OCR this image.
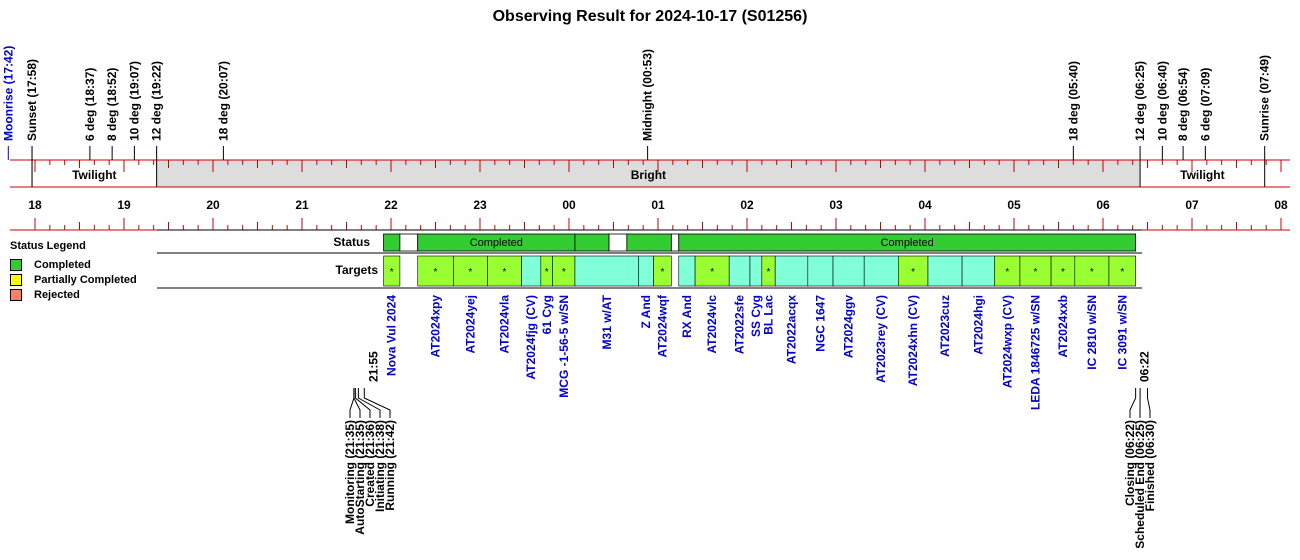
Observing Result for 2024-10-17 (S01256)
Twilight	Bright	Twilight
18	19	20	21	22	23	00	01	02	03	04	05	06	07	08
Moonrise (17:42) Sunset (17:58)	6 deg (18:37) 8 deg (18:52) 10 deg (19:07) 12 deg (19:22)	18 deg (20:07)	Midnight (00:53)	18 deg (05:40)	12 deg (06:25) 10 deg (06:40) 8 deg (06:54) 6 deg (07:09)	Sunrise (07:49)
Status
Targets
Completed	Completed
*
Nova Vul 2024
*
AT2024xpy
*
AT2024yej
*
AT2024vla AT2024fjg (CV)
*
61 Cyg
*
MCG -1-56-5 w/SN M31 w/AT Z And
*
AT2024wqf RX And
*
AT2024vlc AT2022sfe SS Cyg
*
BL Lac AT2022acqx NGC 1647 AT2024ggv AT2023rey (CV)
*
AT2024xhn (CV) AT2023cuz AT2024hgi
*
AT2024wxp (CV)
*
LEDA 1846725 w/SN
*
AT2024xxb
*
IC 2810 w/SN
*
IC 3091 w/SN
21:55	06:22
Monitoring (21:35)
AutoStarting (21:35)
Created (21:36)
Initiating (21:38)
Running (21:42)	Closing (06:22)
Scheduled End (06:25)
Finished (06:30)
Status Legend
Completed
Partially Completed
Rejected
